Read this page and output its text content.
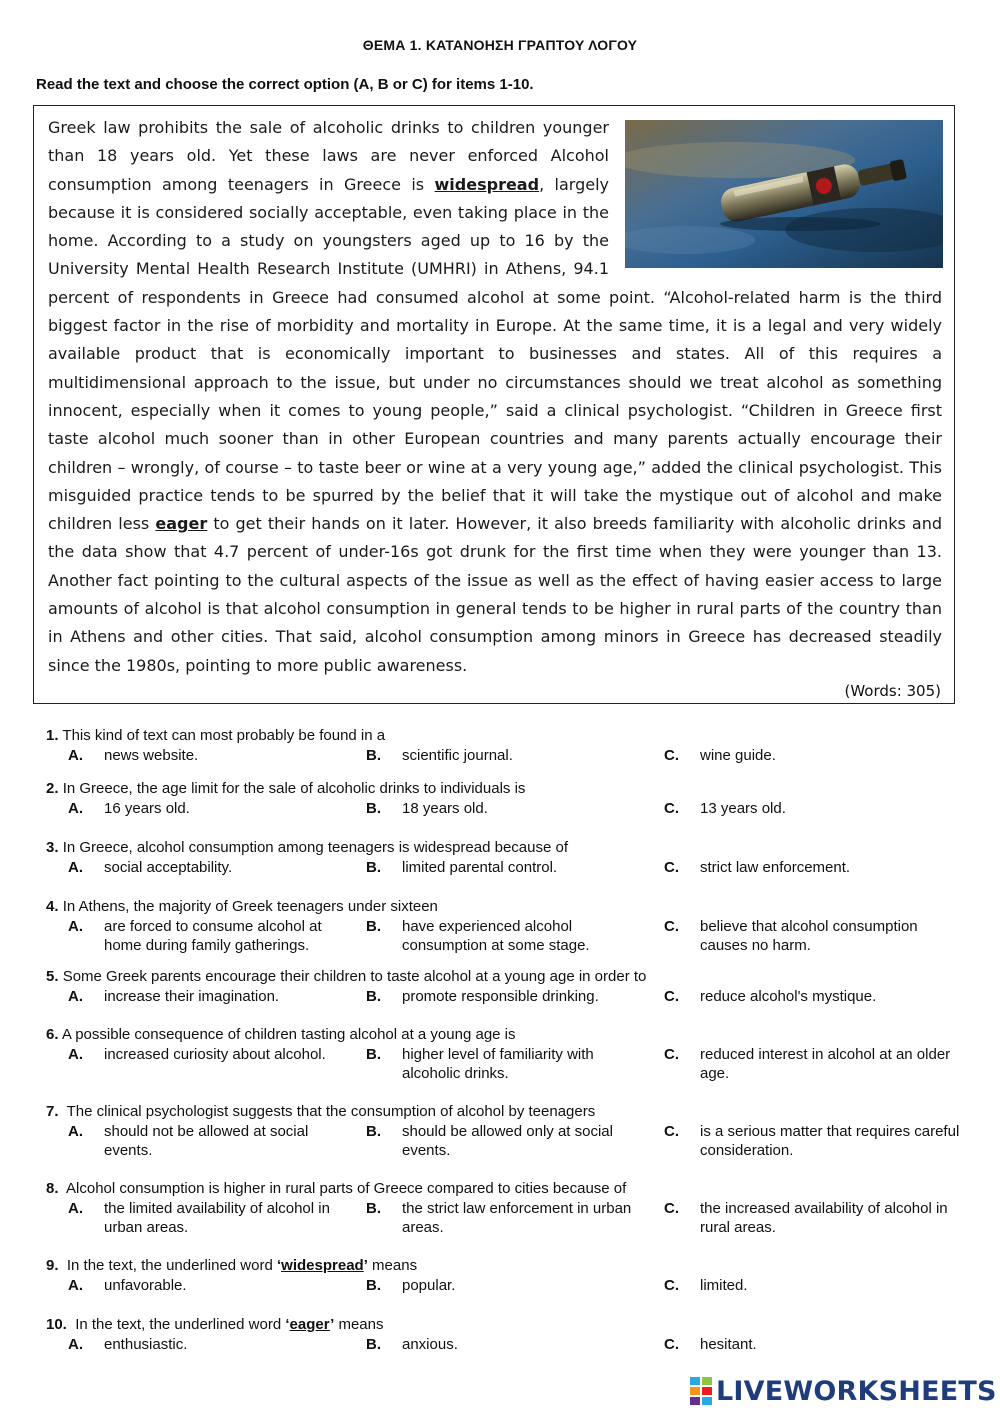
ΘΕΜΑ 1. ΚΑΤΑΝΟΗΣΗ ΓΡΑΠΤΟΥ ΛΟΓΟΥ
Read the text and choose the correct option (A, B or C) for items 1-10.
Greek law prohibits the sale of alcoholic drinks to children younger than 18 years old. Yet these laws are never enforced Alcohol consumption among teenagers in Greece is widespread, largely because it is considered socially acceptable, even taking place in the home. According to a study on youngsters aged up to 16 by the University Mental Health Research Institute (UMHRI) in Athens, 94.1 percent of respondents in Greece had consumed alcohol at some point. “Alcohol-related harm is the third biggest factor in the rise of morbidity and mortality in Europe. At the same time, it is a legal and very widely available product that is economically important to businesses and states. All of this requires a multidimensional approach to the issue, but under no circumstances should we treat alcohol as something innocent, especially when it comes to young people,” said a clinical psychologist. “Children in Greece first taste alcohol much sooner than in other European countries and many parents actually encourage their children – wrongly, of course – to taste beer or wine at a very young age,” added the clinical psychologist. This misguided practice tends to be spurred by the belief that it will take the mystique out of alcohol and make children less eager to get their hands on it later. However, it also breeds familiarity with alcoholic drinks and the data show that 4.7 percent of under-16s got drunk for the first time when they were younger than 13. Another fact pointing to the cultural aspects of the issue as well as the effect of having easier access to large amounts of alcohol is that alcohol consumption in general tends to be higher in rural parts of the country than in Athens and other cities. That said, alcohol consumption among minors in Greece has decreased steadily since the 1980s, pointing to more public awareness.
(Words: 305)
1. This kind of text can most probably be found in a
A. news website.	B. scientific journal.	C. wine guide.
2. In Greece, the age limit for the sale of alcoholic drinks to individuals is
A. 16 years old.	B. 18 years old.	C. 13 years old.
3. In Greece, alcohol consumption among teenagers is widespread because of
A. social acceptability.	B. limited parental control.	C. strict law enforcement.
4. In Athens, the majority of Greek teenagers under sixteen
A. are forced to consume alcohol at home during family gatherings.
B. have experienced alcohol consumption at some stage.
C. believe that alcohol consumption causes no harm.
5. Some Greek parents encourage their children to taste alcohol at a young age in order to
A. increase their imagination.	B. promote responsible drinking.	C. reduce alcohol's mystique.
6. A possible consequence of children tasting alcohol at a young age is
A. increased curiosity about alcohol.	B. higher level of familiarity with alcoholic drinks.
C. reduced interest in alcohol at an older age.
7. The clinical psychologist suggests that the consumption of alcohol by teenagers
A. should not be allowed at social events.
B. should be allowed only at social events.
C. is a serious matter that requires careful consideration.
8. Alcohol consumption is higher in rural parts of Greece compared to cities because of
A. the limited availability of alcohol in urban areas.
B. the strict law enforcement in urban areas.
C. the increased availability of alcohol in rural areas.
9. In the text, the underlined word ‘widespread’ means
A. unfavorable.	B. popular.	C. limited.
10. In the text, the underlined word ‘eager’ means
A. enthusiastic.	B. anxious.	C. hesitant.
LIVEWORKSHEETS
